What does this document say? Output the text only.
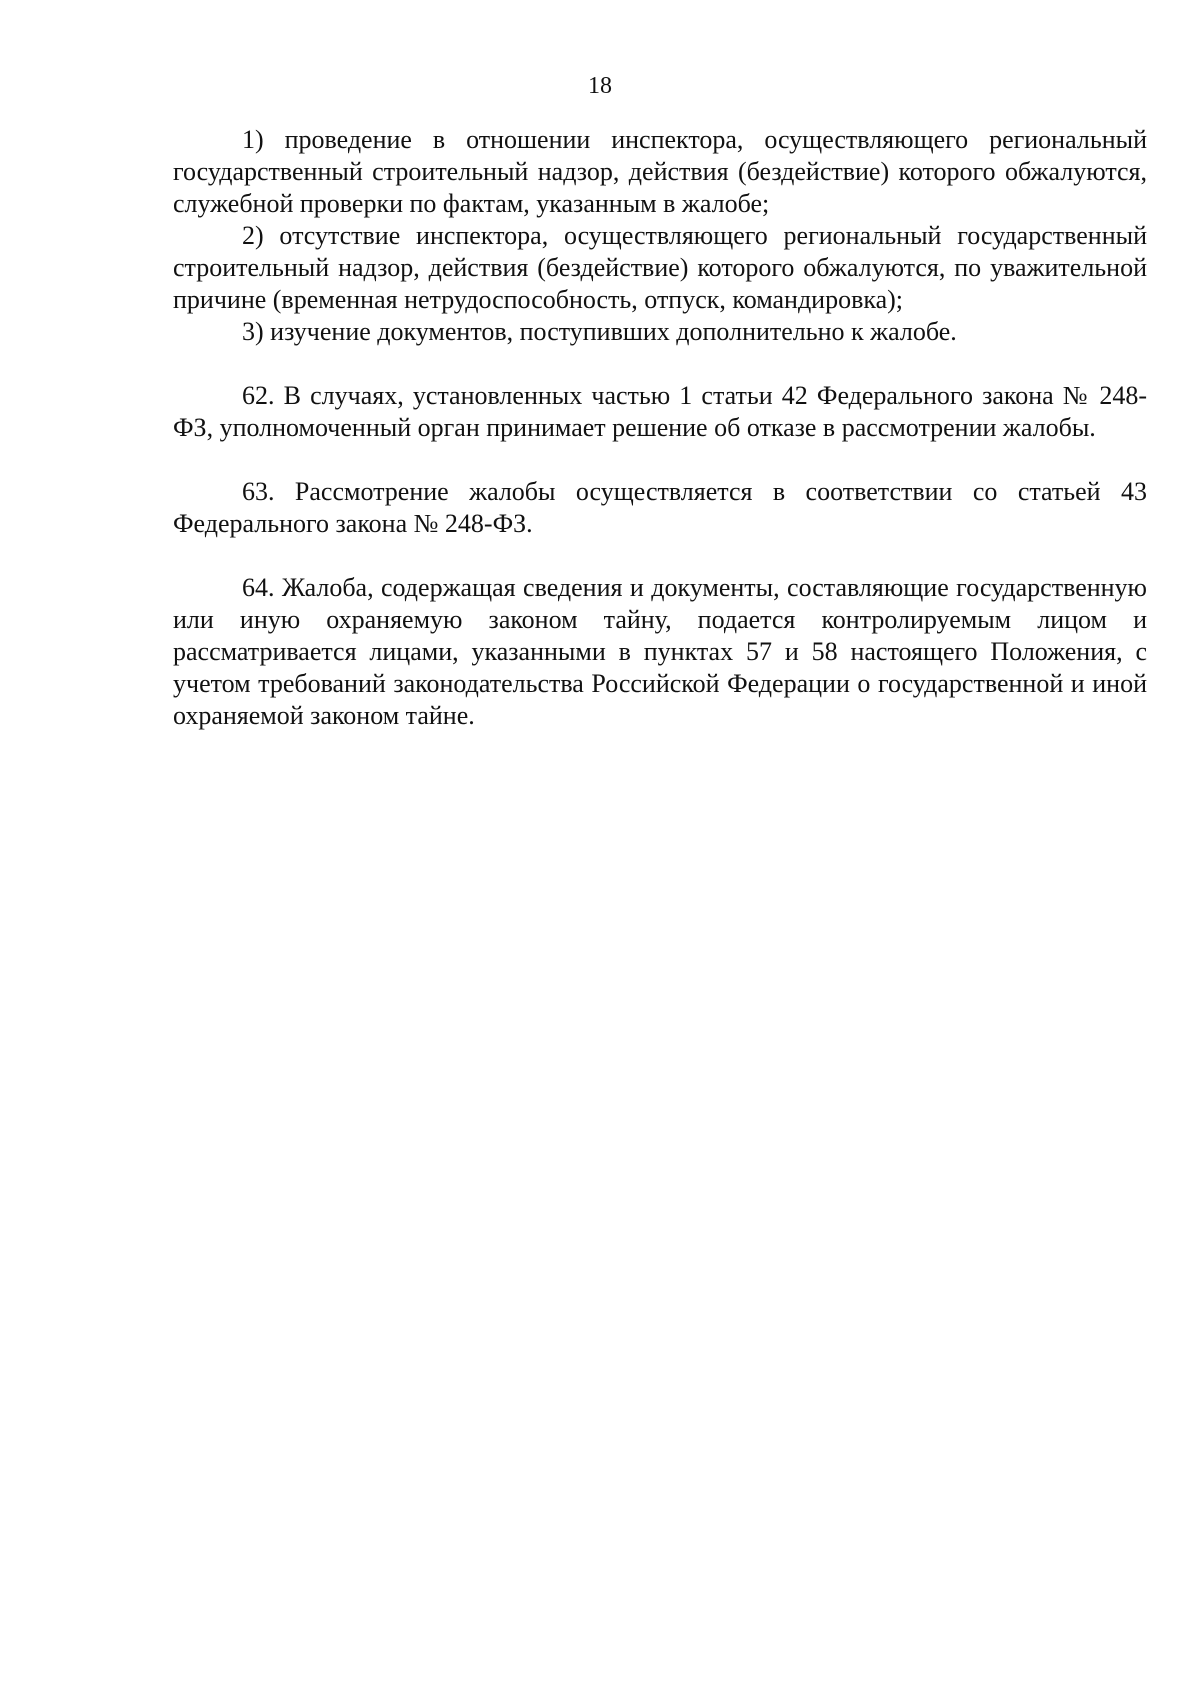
18

1) проведение в отношении инспектора, осуществляющего региональный государственный строительный надзор, действия (бездействие) которого обжалуются, служебной проверки по фактам, указанным в жалобе;

2) отсутствие инспектора, осуществляющего региональный государственный строительный надзор, действия (бездействие) которого обжалуются, по уважительной причине (временная нетрудоспособность, отпуск, командировка);

3) изучение документов, поступивших дополнительно к жалобе.

62. В случаях, установленных частью 1 статьи 42 Федерального закона № 248-ФЗ, уполномоченный орган принимает решение об отказе в рассмотрении жалобы.

63. Рассмотрение жалобы осуществляется в соответствии со статьей 43 Федерального закона № 248-ФЗ.

64. Жалоба, содержащая сведения и документы, составляющие государственную или иную охраняемую законом тайну, подается контролируемым лицом и рассматривается лицами, указанными в пунктах 57 и 58 настоящего Положения, с учетом требований законодательства Российской Федерации о государственной и иной охраняемой законом тайне.
